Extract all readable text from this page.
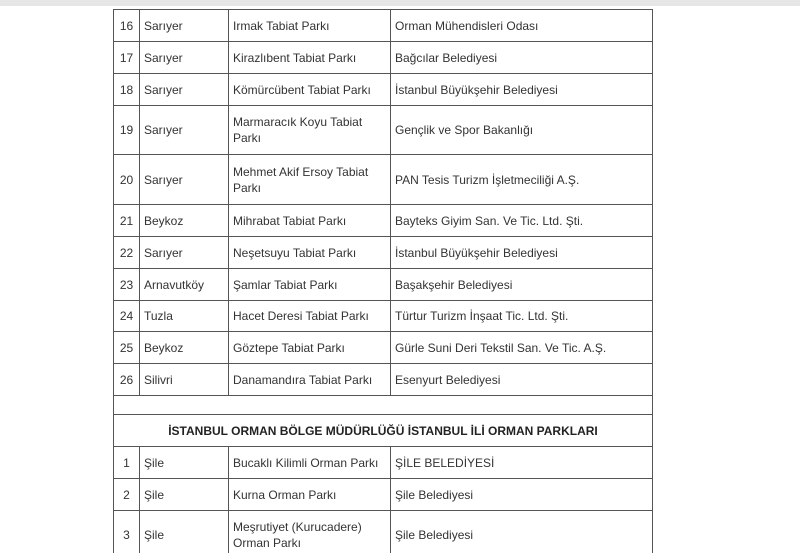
16	Sarıyer	Irmak Tabiat Parkı	Orman Mühendisleri Odası
17	Sarıyer	Kirazlıbent Tabiat Parkı	Bağcılar Belediyesi
18	Sarıyer	Kömürcübent Tabiat Parkı	İstanbul Büyükşehir Belediyesi
19	Sarıyer	Marmaracık Koyu Tabiat Parkı	Gençlik ve Spor Bakanlığı
20	Sarıyer	Mehmet Akif Ersoy Tabiat Parkı	PAN Tesis Turizm İşletmeciliği A.Ş.
21	Beykoz	Mihrabat Tabiat Parkı	Bayteks Giyim San. Ve Tic. Ltd. Şti.
22	Sarıyer	Neşetsuyu Tabiat Parkı	İstanbul Büyükşehir Belediyesi
23	Arnavutköy	Şamlar Tabiat Parkı	Başakşehir Belediyesi
24	Tuzla	Hacet Deresi Tabiat Parkı	Türtur Turizm İnşaat Tic. Ltd. Şti.
25	Beykoz	Göztepe Tabiat Parkı	Gürle Suni Deri Tekstil San. Ve Tic. A.Ş.
26	Silivri	Danamandıra Tabiat Parkı	Esenyurt Belediyesi

İSTANBUL ORMAN BÖLGE MÜDÜRLÜĞÜ İSTANBUL İLİ ORMAN PARKLARI			
1	Şile	Bucaklı Kilimli Orman Parkı	ŞİLE BELEDİYESİ
2	Şile	Kurna Orman Parkı	Şile Belediyesi
3	Şile	Meşrutiyet (Kurucadere) Orman Parkı	Şile Belediyesi
